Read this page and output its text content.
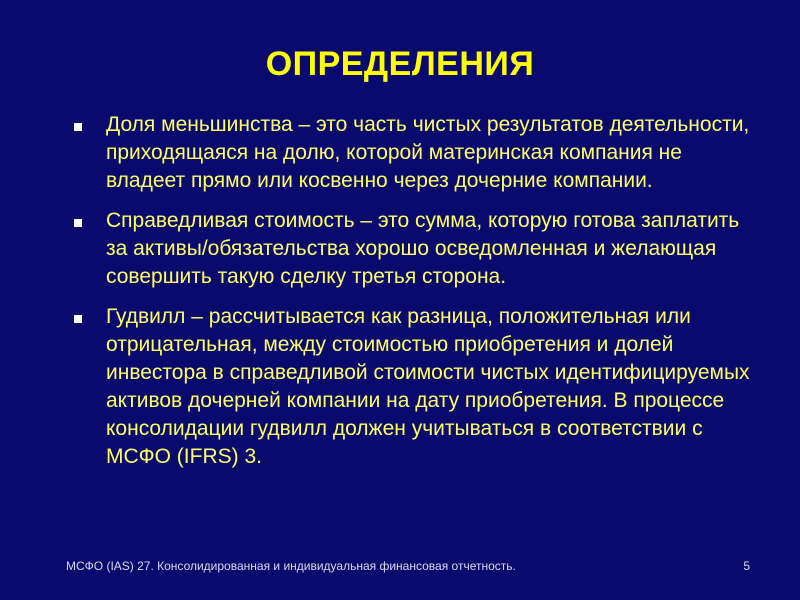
ОПРЕДЕЛЕНИЯ
Доля меньшинства – это часть чистых результатов деятельности, приходящаяся на долю, которой материнская компания не владеет прямо или косвенно через дочерние компании.
Справедливая стоимость – это сумма, которую готова заплатить за активы/обязательства хорошо осведомленная и желающая совершить такую сделку третья сторона.
Гудвилл – рассчитывается как разница, положительная или отрицательная, между стоимостью приобретения и долей инвестора в справедливой стоимости чистых идентифицируемых активов дочерней компании на дату приобретения. В процессе консолидации гудвилл должен учитываться в соответствии с МСФО (IFRS) 3.
МСФО (IAS) 27. Консолидированная и индивидуальная финансовая отчетность.	5
